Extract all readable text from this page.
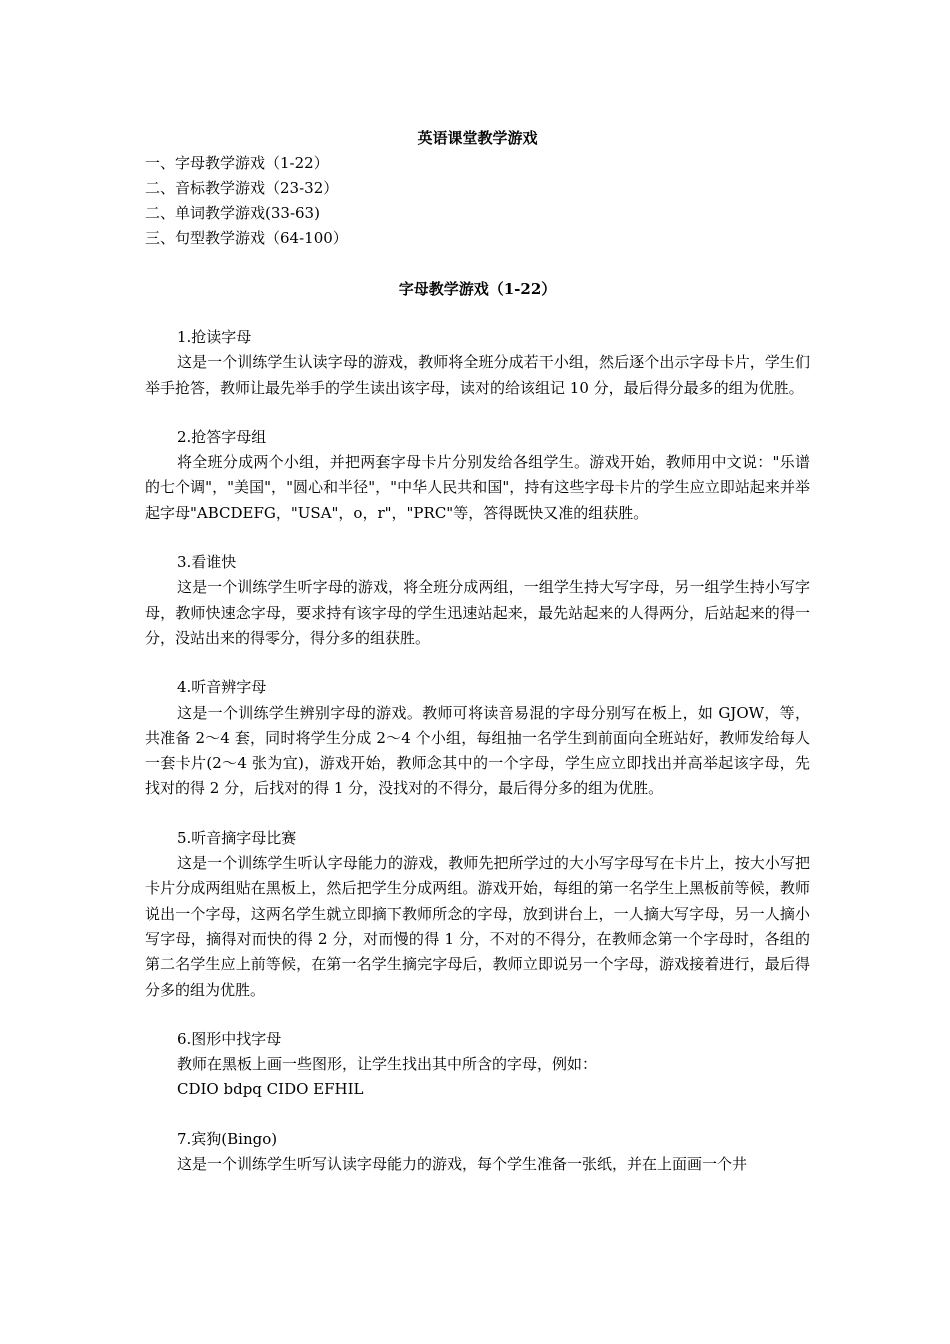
英语课堂教学游戏

一、字母教学游戏（1-22）

二、音标教学游戏（23-32）

二、单词教学游戏(33-63)

三、句型教学游戏（64-100）

字母教学游戏（1-22）

1.抢读字母

这是一个训练学生认读字母的游戏，教师将全班分成若干小组，然后逐个出示字母卡片，学生们举手抢答，教师让最先举手的学生读出该字母，读对的给该组记 10 分，最后得分最多的组为优胜。

2.抢答字母组

将全班分成两个小组，并把两套字母卡片分别发给各组学生。游戏开始，教师用中文说："乐谱的七个调"，"美国"，"圆心和半径"，"中华人民共和国"，持有这些字母卡片的学生应立即站起来并举起字母"ABCDEFG，"USA"，o，r"，"PRC"等，答得既快又准的组获胜。

3.看谁快

这是一个训练学生听字母的游戏，将全班分成两组，一组学生持大写字母，另一组学生持小写字母，教师快速念字母，要求持有该字母的学生迅速站起来，最先站起来的人得两分，后站起来的得一分，没站出来的得零分，得分多的组获胜。

4.听音辨字母

这是一个训练学生辨别字母的游戏。教师可将读音易混的字母分别写在板上，如 GJOW，等，共准备 2～4 套，同时将学生分成 2～4 个小组，每组抽一名学生到前面向全班站好，教师发给每人一套卡片(2～4 张为宜)，游戏开始，教师念其中的一个字母，学生应立即找出并高举起该字母，先找对的得 2 分，后找对的得 1 分，没找对的不得分，最后得分多的组为优胜。

5.听音摘字母比赛

这是一个训练学生听认字母能力的游戏，教师先把所学过的大小写字母写在卡片上，按大小写把卡片分成两组贴在黑板上，然后把学生分成两组。游戏开始，每组的第一名学生上黑板前等候，教师说出一个字母，这两名学生就立即摘下教师所念的字母，放到讲台上，一人摘大写字母，另一人摘小写字母，摘得对而快的得 2 分，对而慢的得 1 分，不对的不得分，在教师念第一个字母时，各组的第二名学生应上前等候，在第一名学生摘完字母后，教师立即说另一个字母，游戏接着进行，最后得分多的组为优胜。

6.图形中找字母

教师在黑板上画一些图形，让学生找出其中所含的字母，例如：

CDIO bdpq CIDO EFHIL

7.宾狗(Bingo)

这是一个训练学生听写认读字母能力的游戏，每个学生准备一张纸，并在上面画一个井
